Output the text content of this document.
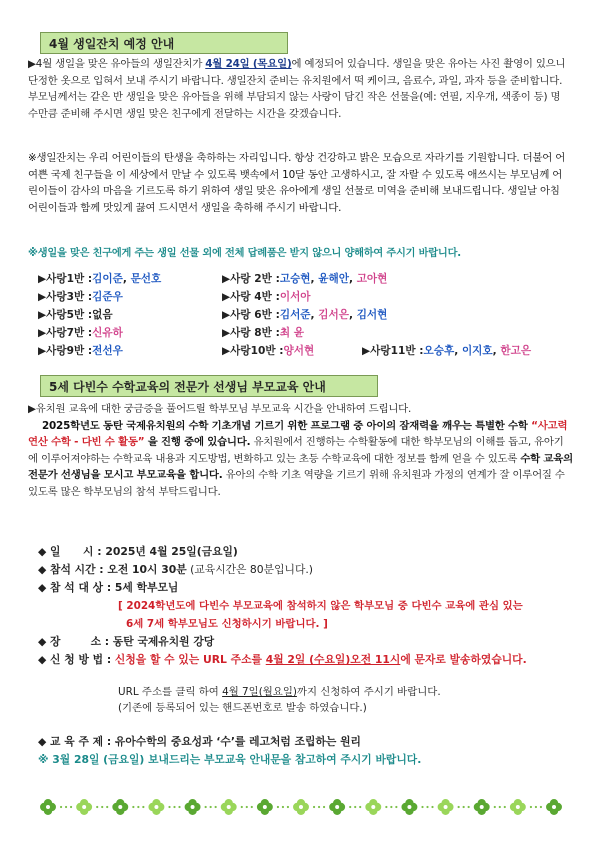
4월 생일잔치 예정 안내
▶4월 생일을 맞은 유아들의 생일잔치가 4월 24일 (목요일)에 예정되어 있습니다. 생일을 맞은 유아는 사진 촬영이 있으니 단정한 옷으로 입혀서 보내 주시기 바랍니다. 생일잔치 준비는 유치원에서 떡 케이크, 음료수, 과일, 과자 등을 준비합니다. 부모님께서는 같은 반 생일을 맞은 유아들을 위해 부담되지 않는 사랑이 담긴 작은 선물을(예: 연필, 지우개, 색종이 등) 명수만큼 준비해 주시면 생일 맞은 친구에게 전달하는 시간을 갖겠습니다.
※생일잔치는 우리 어린이들의 탄생을 축하하는 자리입니다. 항상 건강하고 밝은 모습으로 자라기를 기원합니다. 더불어 어여쁜 국제 친구들을 이 세상에서 만날 수 있도록 뱃속에서 10달 동안 고생하시고, 잘 자랄 수 있도록 애쓰시는 부모님께 어린이들이 감사의 마음을 기르도록 하기 위하여 생일 맞은 유아에게 생일 선물로 미역을 준비해 보내드립니다. 생일날 아침 어린이들과 함께 맛있게 끓여 드시면서 생일을 축하해 주시기 바랍니다.
※생일을 맞은 친구에게 주는 생일 선물 외에 전체 답례품은 받지 않으니 양해하여 주시기 바랍니다.
▶사랑1반 :김이준, 문선호	▶사랑 2반 :고승현, 윤해안, 고아현
▶사랑3반 :김준우	▶사랑 4반 :이서아
▶사랑5반 :없음	▶사랑 6반 :김서준, 김서은, 김서현
▶사랑7반 :신유하	▶사랑 8반 :최 윤
▶사랑9반 :전선우	▶사랑10반 :양서현	▶사랑11반 :오승후, 이지호, 한고은
5세 다빈수 수학교육의 전문가 선생님 부모교육 안내
▶유치원 교육에 대한 궁금증을 풀어드릴 학부모님 부모교육 시간을 안내하여 드립니다.
2025학년도 동탄 국제유치원의 수학 기초개념 기르기 위한 프로그램 중 아이의 잠재력을 깨우는 특별한 수학 “사고력 연산 수학 - 다빈 수 활동” 을 진행 중에 있습니다. 유치원에서 진행하는 수학활동에 대한 학부모님의 이해를 돕고, 유아기에 이루어져야하는 수학교육 내용과 지도방법, 변화하고 있는 초등 수학교육에 대한 정보를 함께 얻을 수 있도록 수학 교육의 전문가 선생님을 모시고 부모교육을 합니다. 유아의 수학 기초 역량을 기르기 위해 유치원과 가정의 연계가 잘 이루어질 수 있도록 많은 학부모님의 참석 부탁드립니다.
◆ 일      시 : 2025년 4월 25일(금요일)
◆ 참석 시간 : 오전 10시 30분 (교육시간은 80분입니다.)
◆ 참 석 대 상 : 5세 학부모님
[ 2024학년도에 다빈수 부모교육에 참석하지 않은 학부모님 중 다빈수 교육에 관심 있는
6세 7세 학부모님도 신청하시기 바랍니다. ]
◆ 장        소 : 동탄 국제유치원 강당
◆ 신 청 방 법 : 신청을 할 수 있는 URL 주소를 4월 2일 (수요일)오전 11시에 문자로 발송하였습니다.
URL 주소를 클릭 하여 4월 7일(월요일)까지 신청하여 주시기 바랍니다.
(기존에 등록되어 있는 핸드폰번호로 발송 하였습니다.)
◆ 교 육 주 제 : 유아수학의 중요성과 ‘수’를 레고처럼 조립하는 원리
※ 3월 28일 (금요일) 보내드리는 부모교육 안내문을 참고하여 주시기 바랍니다.
